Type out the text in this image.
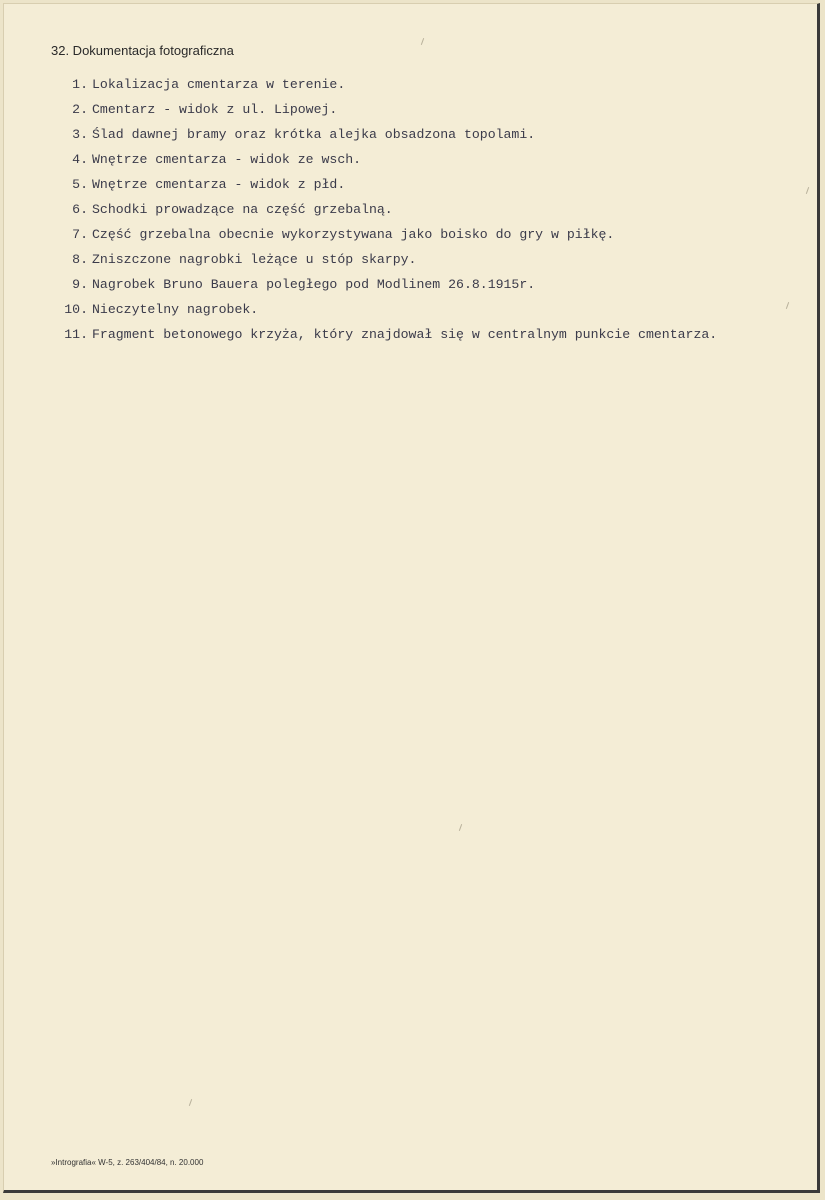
32. Dokumentacja fotograficzna
1. Lokalizacja cmentarza w terenie.
2. Cmentarz - widok z ul. Lipowej.
3. Ślad dawnej bramy oraz krótka alejka obsadzona topolami.
4. Wnętrze cmentarza - widok ze wsch.
5. Wnętrze cmentarza - widok z płd.
6. Schodki prowadzące na część grzebalną.
7. Część grzebalna obecnie wykorzystywana jako boisko do gry w piłkę.
8. Zniszczone nagrobki leżące u stóp skarpy.
9. Nagrobek Bruno Bauera poległego pod Modlinem 26.8.1915r.
10. Nieczytelny nagrobek.
11. Fragment betonowego krzyża, który znajdował się w centralnym punkcie cmentarza.
»Intrografia« W-5, z. 263/404/84, n. 20.000
